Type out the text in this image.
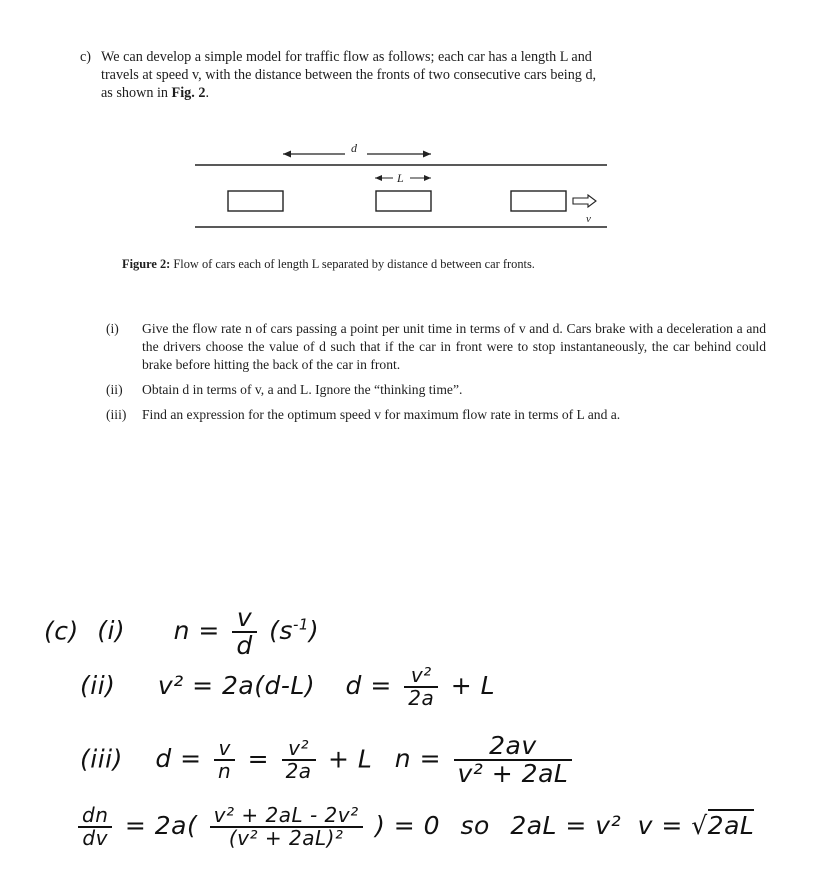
c) We can develop a simple model for traffic flow as follows; each car has a length L and
travels at speed v, with the distance between the fronts of two consecutive cars being d,
as shown in Fig. 2.
d
L
v
Figure 2: Flow of cars each of length L separated by distance d between car fronts.
(i) Give the flow rate n of cars passing a point per unit time in terms of v and d. Cars brake with a deceleration a and the drivers choose the value of d such that if the car in front were to stop instantaneously, the car behind could brake before hitting the back of the car in front.
(ii) Obtain d in terms of v, a and L. Ignore the “thinking time”.
(iii) Find an expression for the optimum speed v for maximum flow rate in terms of L and a.
(c) (i) $n = \frac{v}{d} (s^{-1})$
(ii) v² = 2a(d-L) $d = \frac{\text{v²}}{2a} + L$
(iii) $d = \frac{v}{n} = \frac{\text{v²}}{2a} + L$ $n = \frac{2av}{\text{v² + 2aL}}$
$\frac{dn}{dv} = 2a( \frac{\text{v² + 2aL - 2v²}}{\text{(v² + 2aL)²}}$ ) = 0 so 2aL = v² v = √2aL
